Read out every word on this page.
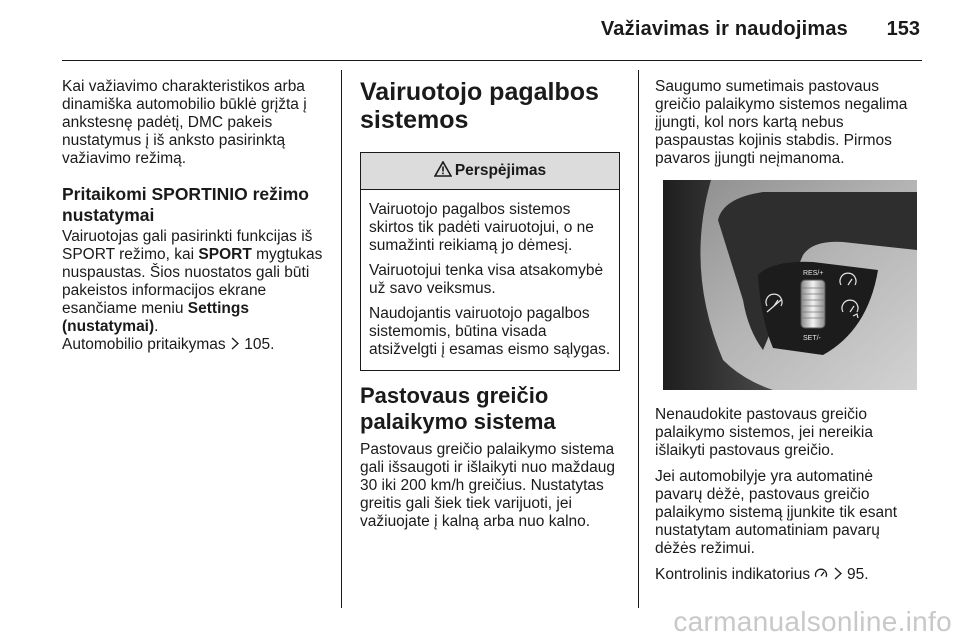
Važiavimas ir naudojimas 153

Kai važiavimo charakteristikos arba dinamiška automobilio būklė grįžta į ankstesnę padėtį, DMC pakeis nustatymus į iš anksto pasirinktą važiavimo režimą.

Pritaikomi SPORTINIO režimo nustatymai

Vairuotojas gali pasirinkti funkcijas iš SPORT režimo, kai SPORT mygtukas nuspaustas. Šios nuostatos gali būti pakeistos informacijos ekrane esančiame meniu Settings (nustatymai).
Automobilio pritaikymas  105.

Vairuotojo pagalbos sistemos
Perspėjimas

Vairuotojo pagalbos sistemos skirtos tik padėti vairuotojui, o ne sumažinti reikiamą jo dėmesį.

Vairuotojui tenka visa atsakomybė už savo veiksmus.

Naudojantis vairuotojo pagalbos sistemomis, būtina visada atsižvelgti į esamas eismo sąlygas.

Pastovaus greičio palaikymo sistema

Pastovaus greičio palaikymo sistema gali išsaugoti ir išlaikyti nuo maždaug 30 iki 200 km/h greičius. Nustatytas greitis gali šiek tiek varijuoti, jei važiuojate į kalną arba nuo kalno.

Saugumo sumetimais pastovaus greičio palaikymo sistemos negalima įjungti, kol nors kartą nebus paspaustas kojinis stabdis. Pirmos pavaros įjungti neįmanoma.

RES/+
SET/-

Nenaudokite pastovaus greičio palaikymo sistemos, jei nereikia išlaikyti pastovaus greičio.

Jei automobilyje yra automatinė pavarų dėžė, pastovaus greičio palaikymo sistemą įjunkite tik esant nustatytam automatiniam pavarų dėžės režimui.

Kontrolinis indikatorius   95.

carmanualsonline.info
